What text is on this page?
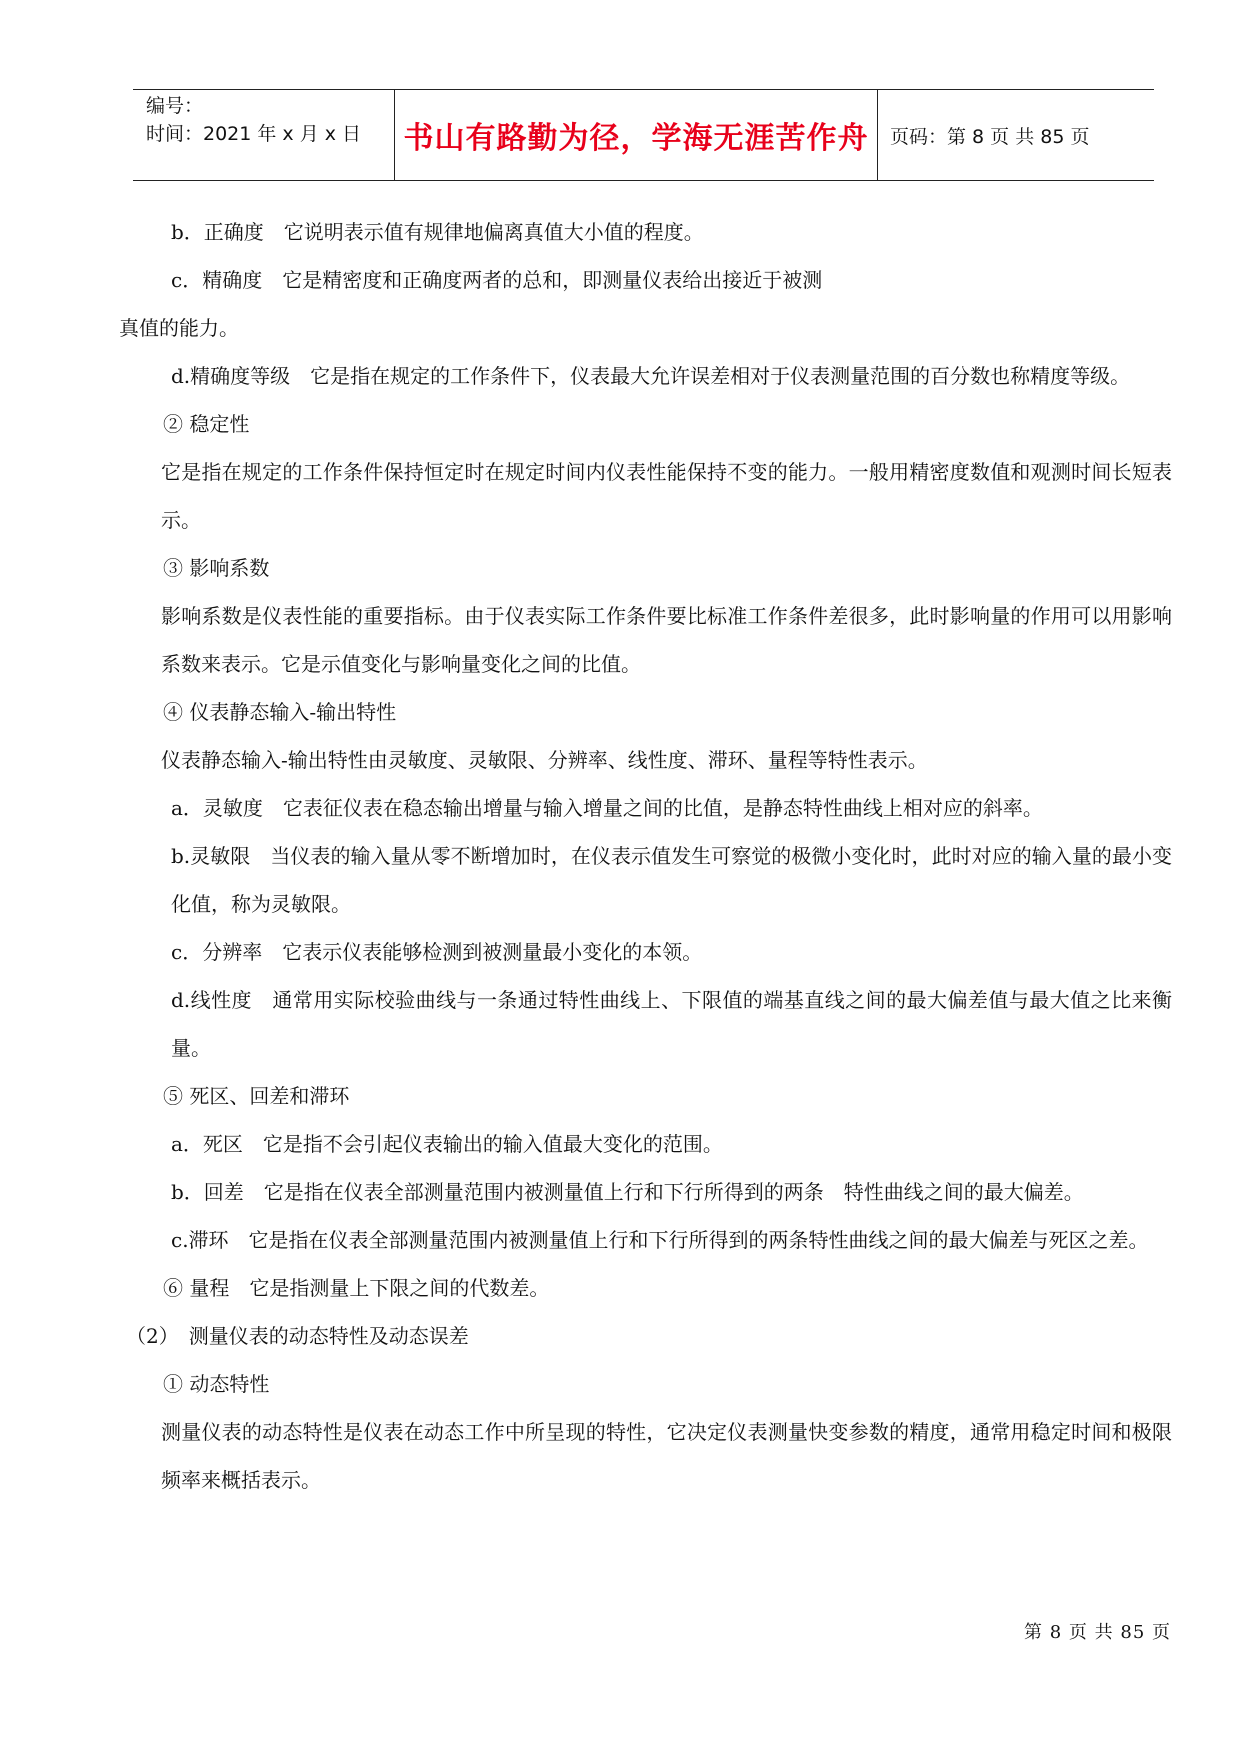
编号：
时间：2021 年 x 月 x 日	书山有路勤为径，学海无涯苦作舟	页码：第 8 页 共 85 页

b．正确度　它说明表示值有规律地偏离真值大小值的程度。

c．精确度　它是精密度和正确度两者的总和，即测量仪表给出接近于被测

真值的能力。

d.精确度等级　它是指在规定的工作条件下，仪表最大允许误差相对于仪表测量范围的百分数也称精度等级。

② 稳定性

它是指在规定的工作条件保持恒定时在规定时间内仪表性能保持不变的能力。一般用精密度数值和观测时间长短表示。

③ 影响系数

影响系数是仪表性能的重要指标。由于仪表实际工作条件要比标准工作条件差很多，此时影响量的作用可以用影响系数来表示。它是示值变化与影响量变化之间的比值。

④ 仪表静态输入-输出特性

仪表静态输入-输出特性由灵敏度、灵敏限、分辨率、线性度、滞环、量程等特性表示。

a．灵敏度　它表征仪表在稳态输出增量与输入增量之间的比值，是静态特性曲线上相对应的斜率。

b.灵敏限　当仪表的输入量从零不断增加时，在仪表示值发生可察觉的极微小变化时，此时对应的输入量的最小变化值，称为灵敏限。

c．分辨率　它表示仪表能够检测到被测量最小变化的本领。

d.线性度　通常用实际校验曲线与一条通过特性曲线上、下限值的端基直线之间的最大偏差值与最大值之比来衡量。

⑤ 死区、回差和滞环

a．死区　它是指不会引起仪表输出的输入值最大变化的范围。

b．回差　它是指在仪表全部测量范围内被测量值上行和下行所得到的两条　特性曲线之间的最大偏差。

c.滞环　它是指在仪表全部测量范围内被测量值上行和下行所得到的两条特性曲线之间的最大偏差与死区之差。

⑥ 量程　它是指测量上下限之间的代数差。

（2）　测量仪表的动态特性及动态误差

① 动态特性

测量仪表的动态特性是仪表在动态工作中所呈现的特性，它决定仪表测量快变参数的精度，通常用稳定时间和极限频率来概括表示。

第 8 页 共 85 页
